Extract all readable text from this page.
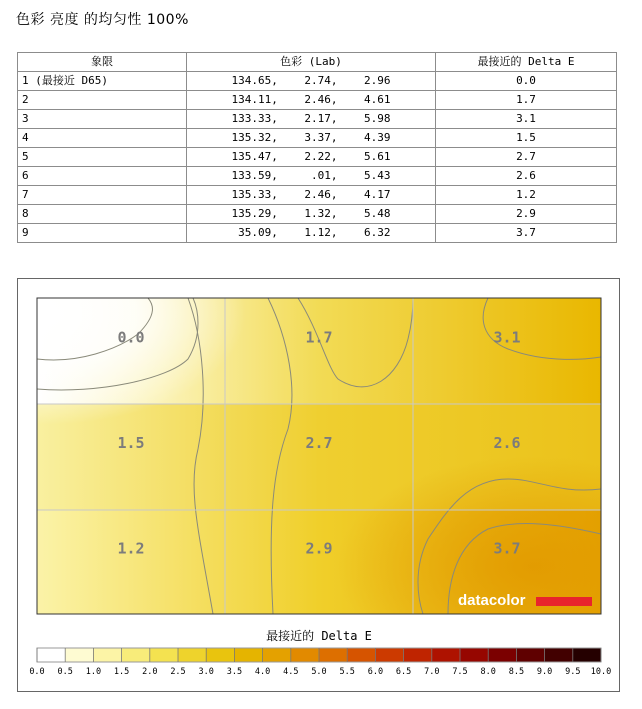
色彩 亮度 的均匀性 100%
象限	色彩 (Lab)	最接近的 Delta E
1 (最接近 D65)	134.65,    2.74,    2.96	0.0
2	134.11,    2.46,    4.61	1.7
3	133.33,    2.17,    5.98	3.1
4	135.32,    3.37,    4.39	1.5
5	135.47,    2.22,    5.61	2.7
6	133.59,     .01,    5.43	2.6
7	135.33,    2.46,    4.17	1.2
8	135.29,    1.32,    5.48	2.9
9	35.09,    1.12,    6.32	3.7
0.0	1.7	3.1
1.5	2.7	2.6
1.2	2.9	3.7
datacolor
最接近的 Delta E
0.0 0.5 1.0 1.5 2.0 2.5 3.0 3.5 4.0 4.5 5.0 5.5 6.0 6.5 7.0 7.5 8.0 8.5 9.0 9.5 10.0
